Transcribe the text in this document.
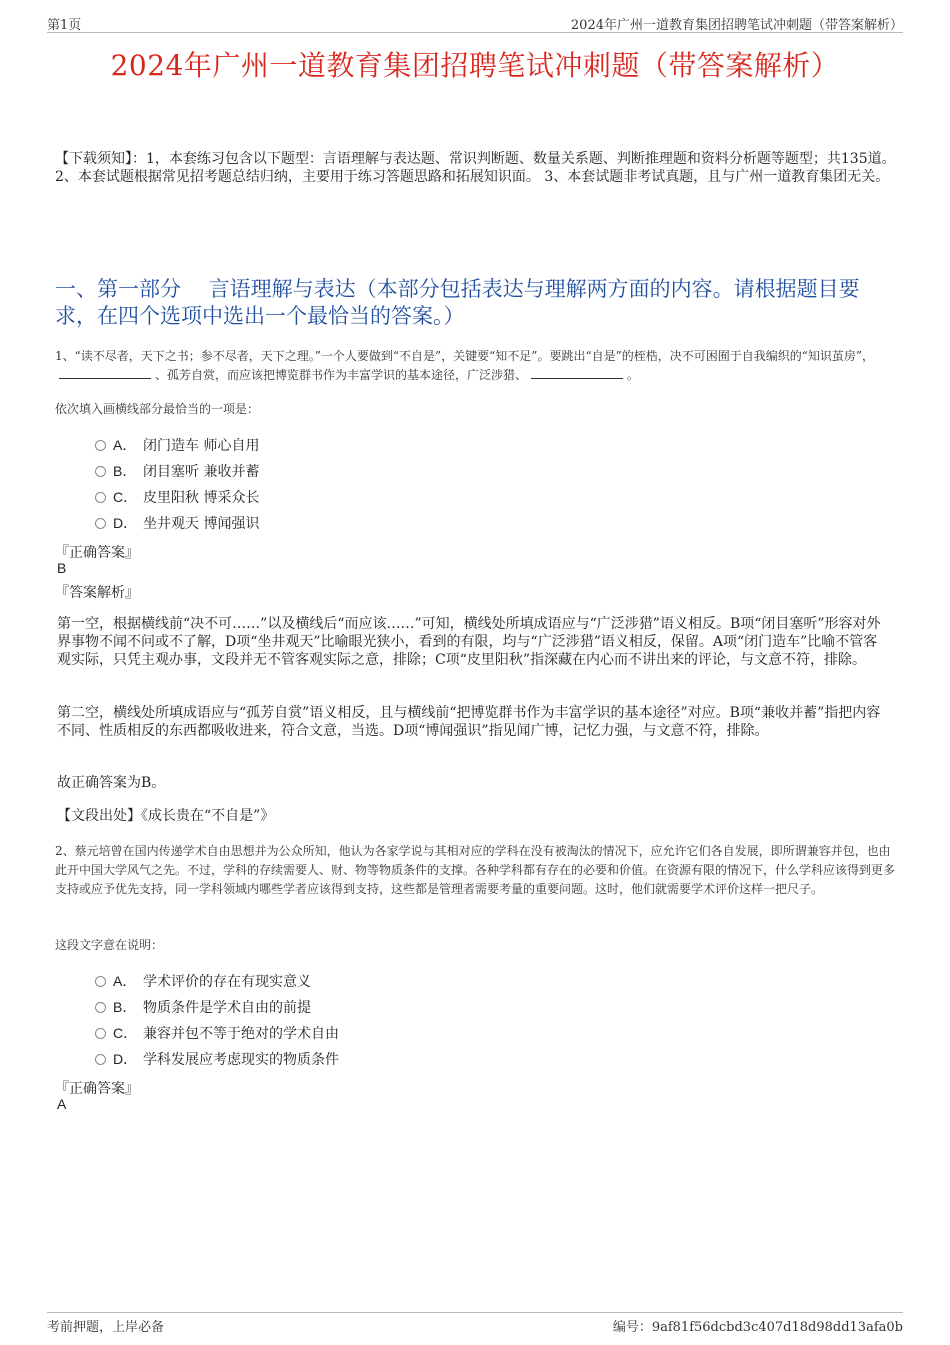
第1页	2024年广州一道教育集团招聘笔试冲刺题（带答案解析）
2024年广州一道教育集团招聘笔试冲刺题（带答案解析）
【下载须知】：1，本套练习包含以下题型：言语理解与表达题、常识判断题、数量关系题、判断推理题和资料分析题等题型；共135道。 2、本套试题根据常见招考题总结归纳，主要用于练习答题思路和拓展知识面。 3、本套试题非考试真题，且与广州一道教育集团无关。
一、第一部分　 言语理解与表达（本部分包括表达与理解两方面的内容。请根据题目要求，在四个选项中选出一个最恰当的答案。）
1、“读不尽者，天下之书；参不尽者，天下之理。”一个人要做到“不自是”，关键要“知不足”。要跳出“自是”的桎梏，决不可困囿于自我编织的“知识茧房”，、孤芳自赏，而应该把博览群书作为丰富学识的基本途径，广泛涉猎、	。
依次填入画横线部分最恰当的一项是：
A． 闭门造车 师心自用
B． 闭目塞听 兼收并蓄
C． 皮里阳秋 博采众长
D． 坐井观天 博闻强识
『正确答案』
B
『答案解析』
第一空，根据横线前“决不可……”以及横线后“而应该……”可知，横线处所填成语应与“广泛涉猎”语义相反。B项“闭目塞听”形容对外界事物不闻不问或不了解，D项“坐井观天”比喻眼光狭小，看到的有限，均与“广泛涉猎”语义相反，保留。A项“闭门造车”比喻不管客观实际，只凭主观办事，文段并无不管客观实际之意，排除；C项“皮里阳秋”指深藏在内心而不讲出来的评论，与文意不符，排除。
第二空，横线处所填成语应与“孤芳自赏”语义相反，且与横线前“把博览群书作为丰富学识的基本途径”对应。B项“兼收并蓄”指把内容不同、性质相反的东西都吸收进来，符合文意，当选。D项“博闻强识”指见闻广博，记忆力强，与文意不符，排除。
故正确答案为B。
【文段出处】《成长贵在“不自是”》
2、蔡元培曾在国内传递学术自由思想并为公众所知，他认为各家学说与其相对应的学科在没有被淘汰的情况下，应允许它们各自发展，即所谓兼容并包，也由此开中国大学风气之先。不过，学科的存续需要人、财、物等物质条件的支撑。各种学科都有存在的必要和价值。在资源有限的情况下，什么学科应该得到更多支持或应予优先支持，同一学科领域内哪些学者应该得到支持，这些都是管理者需要考量的重要问题。这时，他们就需要学术评价这样一把尺子。
这段文字意在说明：
A． 学术评价的存在有现实意义
B． 物质条件是学术自由的前提
C． 兼容并包不等于绝对的学术自由
D． 学科发展应考虑现实的物质条件
『正确答案』
A
考前押题，上岸必备	编号：9af81f56dcbd3c407d18d98dd13afa0b
